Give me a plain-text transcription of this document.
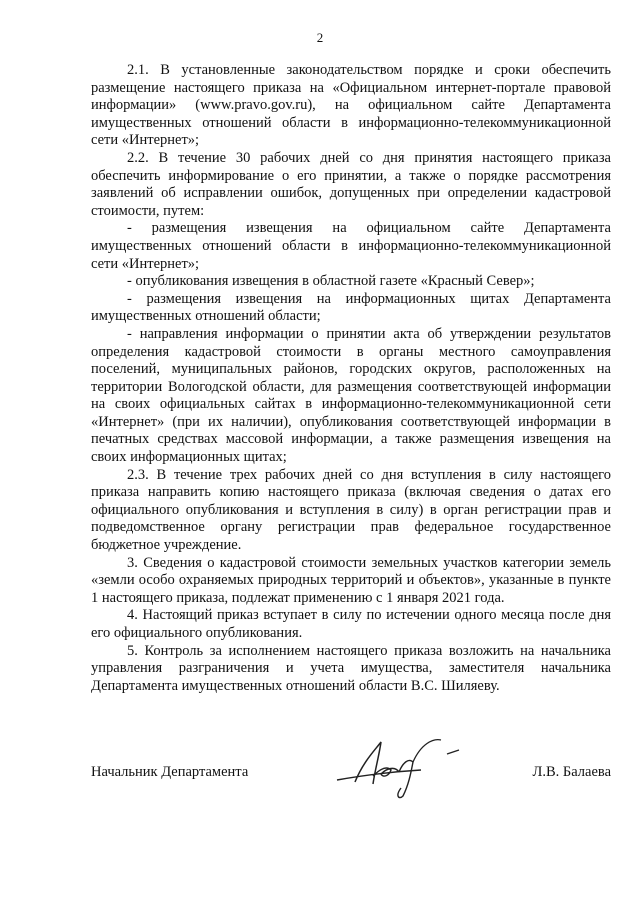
2

2.1. В установленные законодательством порядке и сроки обеспечить размещение настоящего приказа на «Официальном интернет-портале правовой информации» (www.pravo.gov.ru), на официальном сайте Департамента имущественных отношений области в информационно-телекоммуникационной сети «Интернет»;

2.2. В течение 30 рабочих дней со дня принятия настоящего приказа обеспечить информирование о его принятии, а также о порядке рассмотрения заявлений об исправлении ошибок, допущенных при определении кадастровой стоимости, путем:

- размещения извещения на официальном сайте Департамента имущественных отношений области в информационно-телекоммуникационной сети «Интернет»;

- опубликования извещения в областной газете «Красный Север»;

- размещения извещения на информационных щитах Департамента имущественных отношений области;

- направления информации о принятии акта об утверждении результатов определения кадастровой стоимости в органы местного самоуправления поселений, муниципальных районов, городских округов, расположенных на территории Вологодской области, для размещения соответствующей информации на своих официальных сайтах в информационно-телекоммуникационной сети «Интернет» (при их наличии), опубликования соответствующей информации в печатных средствах массовой информации, а также размещения извещения на своих информационных щитах;

2.3. В течение трех рабочих дней со дня вступления в силу настоящего приказа направить копию настоящего приказа (включая сведения о датах его официального опубликования и вступления в силу) в орган регистрации прав и подведомственное органу регистрации прав федеральное государственное бюджетное учреждение.

3. Сведения о кадастровой стоимости земельных участков категории земель «земли особо охраняемых природных территорий и объектов», указанные в пункте 1 настоящего приказа, подлежат применению с 1 января 2021 года.

4. Настоящий приказ вступает в силу по истечении одного месяца после дня его официального опубликования.

5. Контроль за исполнением настоящего приказа возложить на начальника управления разграничения и учета имущества, заместителя начальника Департамента имущественных отношений области В.С. Шиляеву.

Начальник Департамента	Л.В. Балаева
